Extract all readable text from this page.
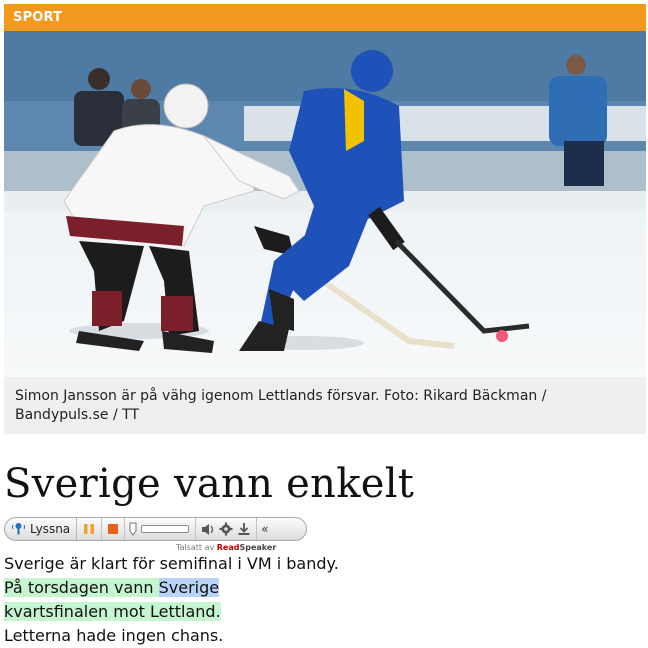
SPORT
Simon Jansson är på vähg igenom Lettlands försvar. Foto: Rikard Bäckman / Bandypuls.se / TT
Sverige vann enkelt
Lyssna	«
Talsatt av ReadSpeaker

Sverige är klart för semifinal i VM i bandy.

På torsdagen vann Sverige

kvartsfinalen mot Lettland.

Letterna hade ingen chans.
